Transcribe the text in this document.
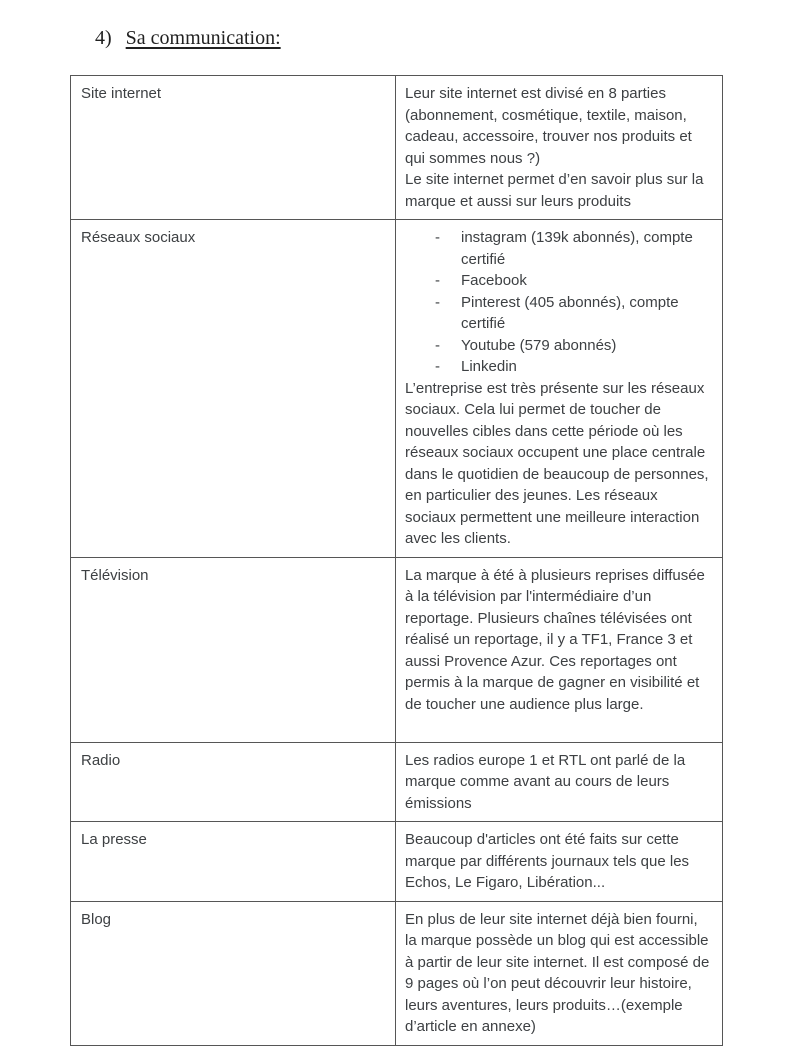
4) Sa communication:
Site internet	Leur site internet est divisé en 8 parties (abonnement, cosmétique, textile, maison, cadeau, accessoire, trouver nos produits et qui sommes nous ?)

Le site internet permet d’en savoir plus sur la marque et aussi sur leurs produits

Réseaux sociaux	- instagram (139k abonnés), compte certifié
- Facebook
- Pinterest (405 abonnés), compte certifié
- Youtube (579 abonnés)
- Linkedin

L’entreprise est très présente sur les réseaux sociaux. Cela lui permet de toucher de nouvelles cibles dans cette période où les réseaux sociaux occupent une place centrale dans le quotidien de beaucoup de personnes, en particulier des jeunes. Les réseaux sociaux permettent une meilleure interaction avec les clients.

Télévision	La marque à été à plusieurs reprises diffusée à la télévision par l'intermédiaire d’un reportage. Plusieurs chaînes télévisées ont réalisé un reportage, il y a TF1, France 3 et aussi Provence Azur. Ces reportages ont permis à la marque de gagner en visibilité et de toucher une audience plus large.

Radio	Les radios europe 1 et RTL ont parlé de la marque comme avant au cours de leurs émissions

La presse	Beaucoup d'articles ont été faits sur cette marque par différents journaux tels que les Echos, Le Figaro, Libération...

Blog	En plus de leur site internet déjà bien fourni, la marque possède un blog qui est accessible à partir de leur site internet. Il est composé de 9 pages où l’on peut découvrir leur histoire, leurs aventures, leurs produits…(exemple d’article en annexe)
